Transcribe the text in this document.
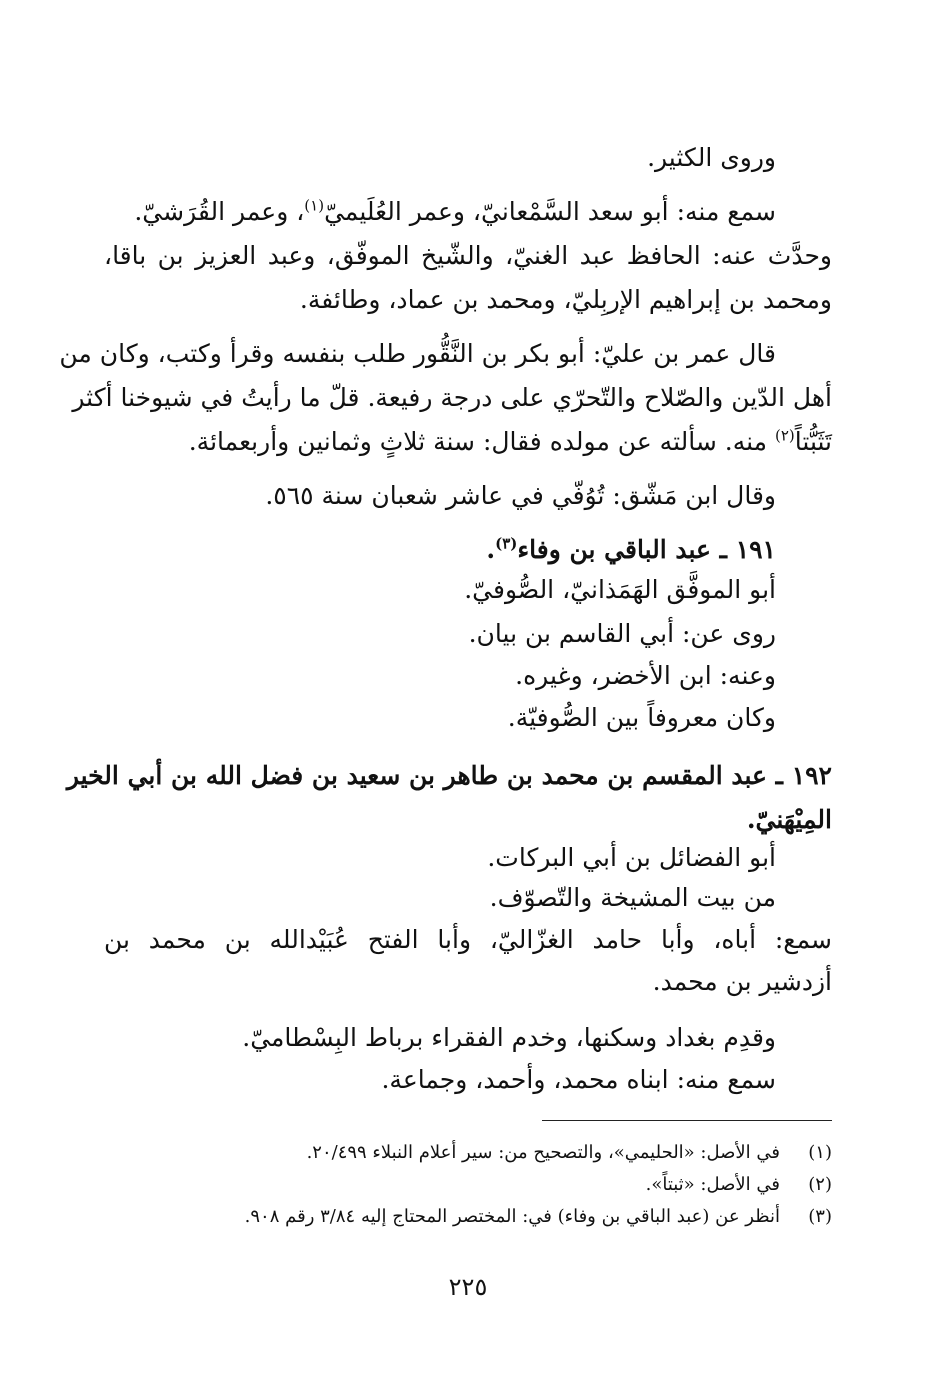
وروى الكثير.
سمع منه: أبو سعد السَّمْعانيّ، وعمر العُلَيميّ$^{(١)}$، وعمر القُرَشيّ.
وحدَّث عنه: الحافظ عبد الغنيّ، والشّيخ الموفّق، وعبد العزيز بن باقا،
ومحمد بن إبراهيم الإربِليّ، ومحمد بن عماد، وطائفة.
قال عمر بن عليّ: أبو بكر بن النَّقُّور طلب بنفسه وقرأ وكتب، وكان من
أهل الدّين والصّلاح والتّحرّي على درجة رفيعة. قلّ ما رأيتُ في شيوخنا أكثر
تَثَبُّتاً$^{(٢)}$ منه. سألته عن مولده فقال: سنة ثلاثٍ وثمانين وأربعمائة.
وقال ابن مَشّق: تُوُفّي في عاشر شعبان سنة ٥٦٥.
١٩١ ـ عبد الباقي بن وفاء$^{(٣)}$.
أبو الموفَّق الهَمَذانيّ، الصُّوفيّ.
روى عن: أبي القاسم بن بيان.
وعنه: ابن الأخضر، وغيره.
وكان معروفاً بين الصُّوفيّة.
١٩٢ ـ عبد المقسم بن محمد بن طاهر بن سعيد بن فضل الله بن أبي الخير
المِيْهَنيّ.
أبو الفضائل بن أبي البركات.
من بيت المشيخة والتّصوّف.
سمع: أباه، وأبا حامد الغزّاليّ، وأبا الفتح عُبَيْدالله بن محمد بن
أزدشير بن محمد.
وقدِم بغداد وسكنها، وخدم الفقراء برباط البِسْطاميّ.
سمع منه: ابناه محمد، وأحمد، وجماعة.
(١)في الأصل: «الحليمي»، والتصحيح من: سير أعلام النبلاء ٢٠/٤٩٩.
(٢)في الأصل: «ثبتاً».
(٣)أنظر عن (عبد الباقي بن وفاء) في: المختصر المحتاج إليه ٣/٨٤ رقم ٩٠٨.
٢٢٥
